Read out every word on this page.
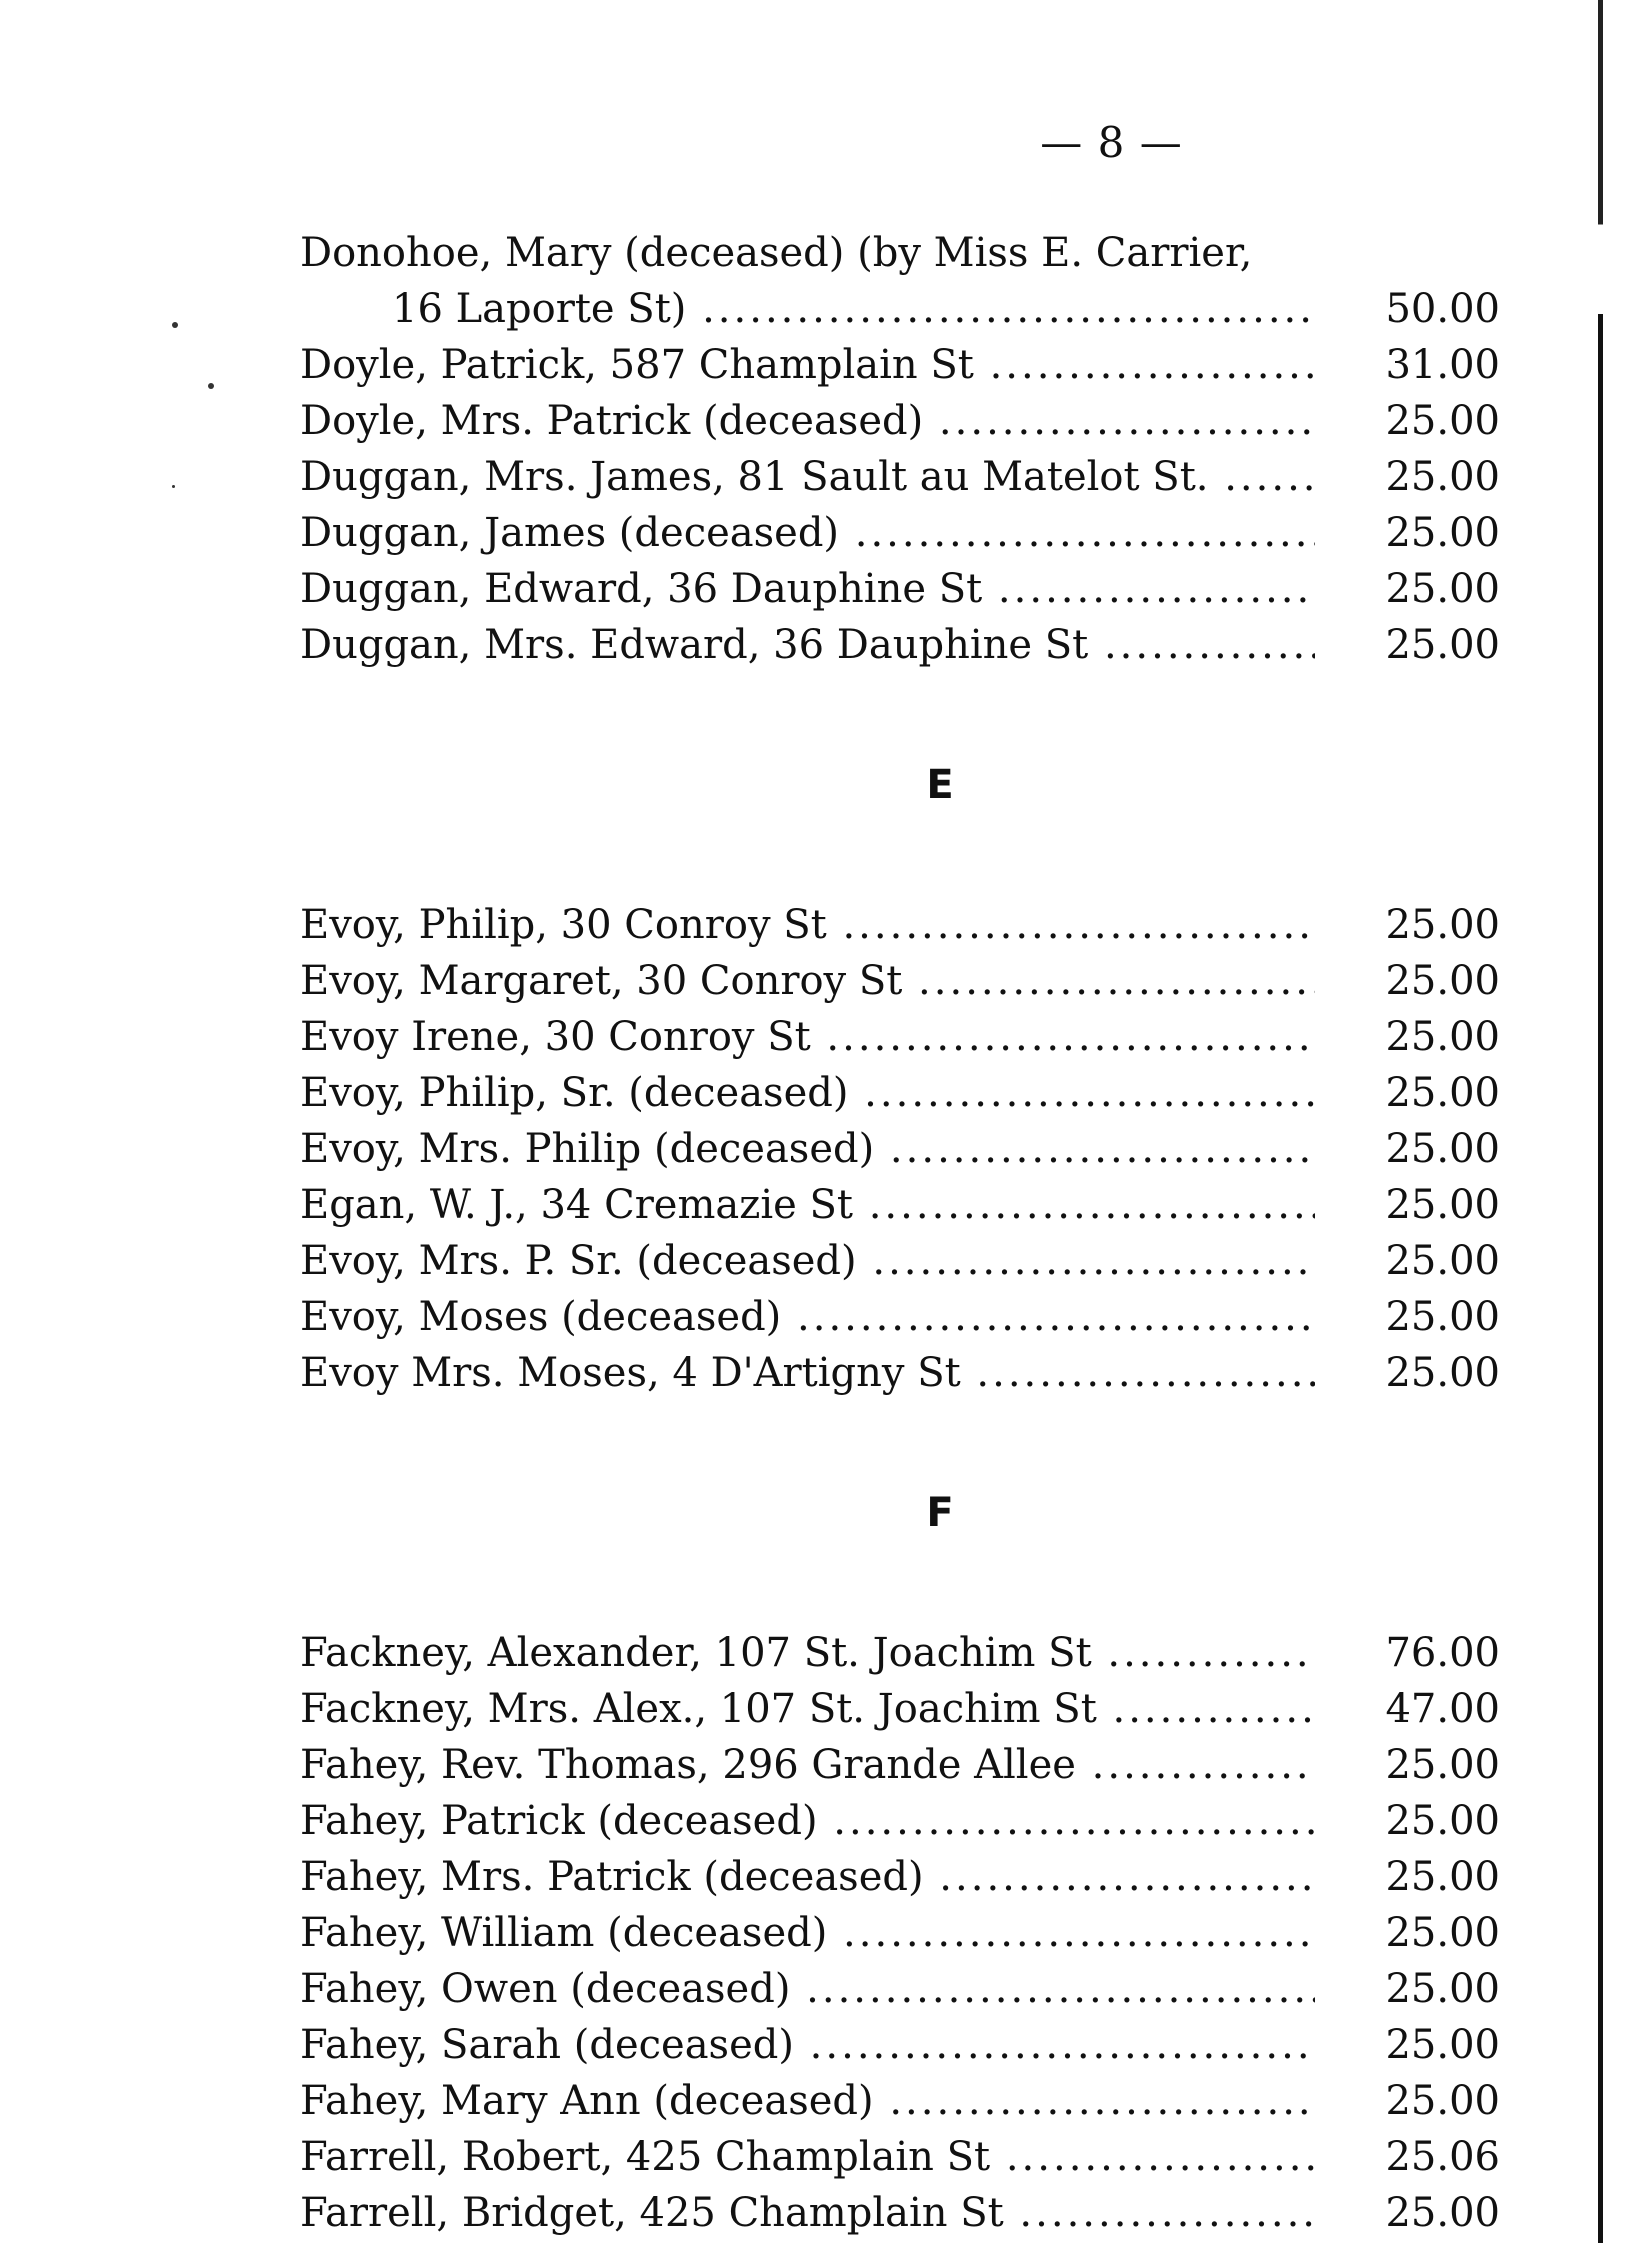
— 8 —
Donohoe, Mary (deceased) (by Miss E. Carrier,
16 Laporte St) .....	50.00
Doyle, Patrick, 587 Champlain St .....	31.00
Doyle, Mrs. Patrick (deceased) .....	25.00
Duggan, Mrs. James, 81 Sault au Matelot St. .....	25.00
Duggan, James (deceased) .....	25.00
Duggan, Edward, 36 Dauphine St .....	25.00
Duggan, Mrs. Edward, 36 Dauphine St .....	25.00
E
Evoy, Philip, 30 Conroy St .....	25.00
Evoy, Margaret, 30 Conroy St .....	25.00
Evoy Irene, 30 Conroy St .....	25.00
Evoy, Philip, Sr. (deceased) .....	25.00
Evoy, Mrs. Philip (deceased) .....	25.00
Egan, W. J., 34 Cremazie St .....	25.00
Evoy, Mrs. P. Sr. (deceased) .....	25.00
Evoy, Moses (deceased) .....	25.00
Evoy Mrs. Moses, 4 D'Artigny St .....	25.00
F
Fackney, Alexander, 107 St. Joachim St .....	76.00
Fackney, Mrs. Alex., 107 St. Joachim St .....	47.00
Fahey, Rev. Thomas, 296 Grande Allee .....	25.00
Fahey, Patrick (deceased) .....	25.00
Fahey, Mrs. Patrick (deceased) .....	25.00
Fahey, William (deceased) .....	25.00
Fahey, Owen (deceased) .....	25.00
Fahey, Sarah (deceased) .....	25.00
Fahey, Mary Ann (deceased) .....	25.00
Farrell, Robert, 425 Champlain St .....	25.06
Farrell, Bridget, 425 Champlain St .....	25.00
